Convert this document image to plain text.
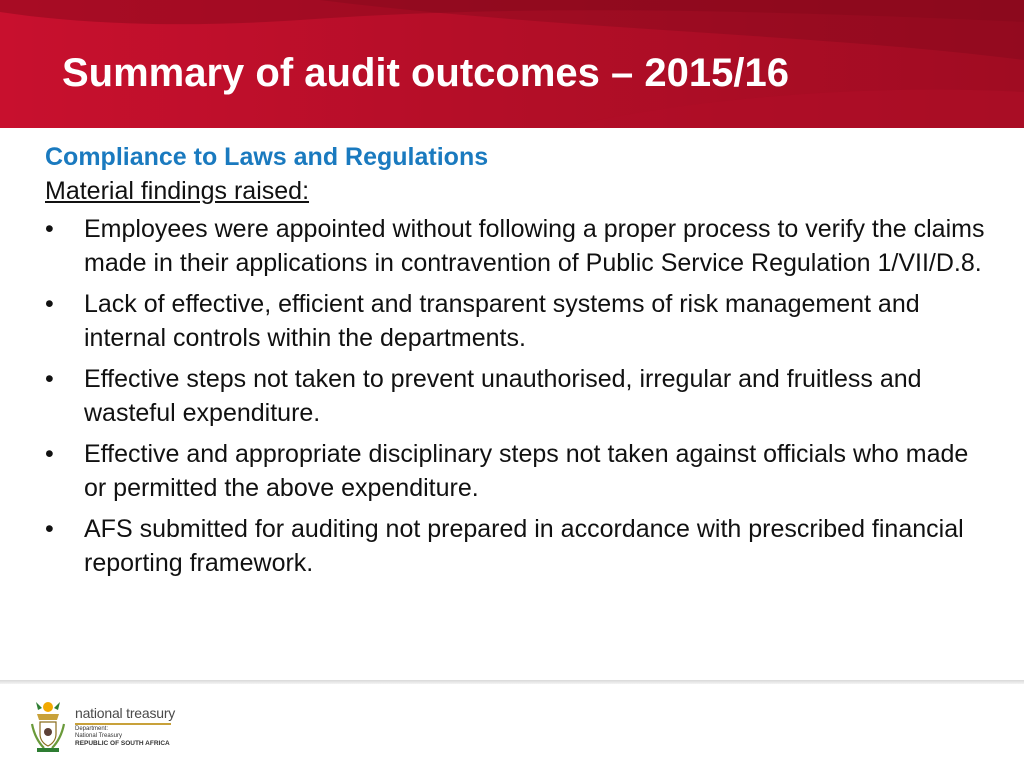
Summary of audit outcomes – 2015/16

Compliance to Laws and Regulations

Material findings raised:

•	Employees were appointed without following a proper process to verify the claims made in their applications in contravention of Public Service Regulation 1/VII/D.8.
•	Lack of effective, efficient and transparent systems of risk management and internal controls within the departments.
•	Effective steps not taken to prevent unauthorised, irregular and fruitless and wasteful expenditure.
•	Effective and appropriate disciplinary steps not taken against officials who made or permitted the above expenditure.
•	AFS submitted for auditing not prepared in accordance with prescribed financial reporting framework.
national treasury
Department:
National Treasury
REPUBLIC OF SOUTH AFRICA
